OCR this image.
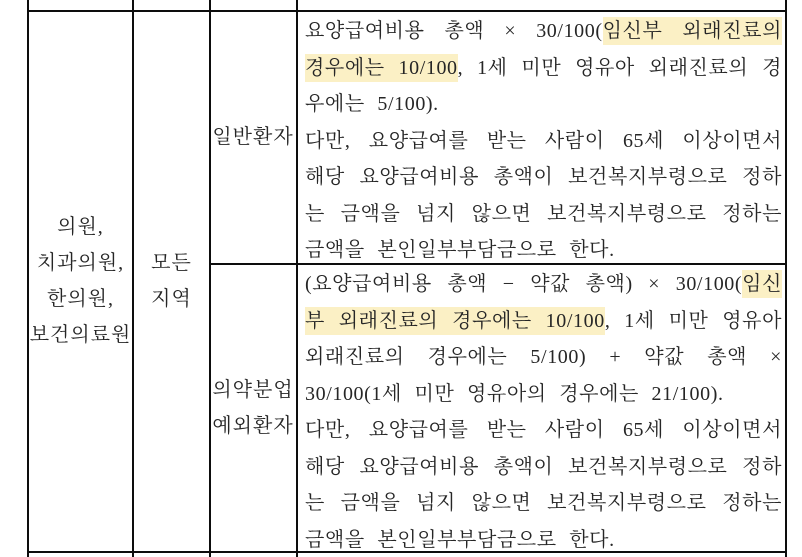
의원,
치과의원,
한의원,
보건의료원
모든
지역
일반환자
의약분업
예외환자

요양급여비용 총액 × 30/100(임신부 외래진료의 경우에는 10/100, 1세 미만 영유아 외래진료의 경우에는 5/100).

다만, 요양급여를 받는 사람이 65세 이상이면서 해당 요양급여비용 총액이 보건복지부령으로 정하는 금액을 넘지 않으면 보건복지부령으로 정하는 금액을 본인일부부담금으로 한다.

(요양급여비용 총액 − 약값 총액) × 30/100(임신부 외래진료의 경우에는 10/100, 1세 미만 영유아 외래진료의 경우에는 5/100) + 약값 총액 × 30/100(1세 미만 영유아의 경우에는 21/100).

다만, 요양급여를 받는 사람이 65세 이상이면서 해당 요양급여비용 총액이 보건복지부령으로 정하는 금액을 넘지 않으면 보건복지부령으로 정하는 금액을 본인일부부담금으로 한다.
